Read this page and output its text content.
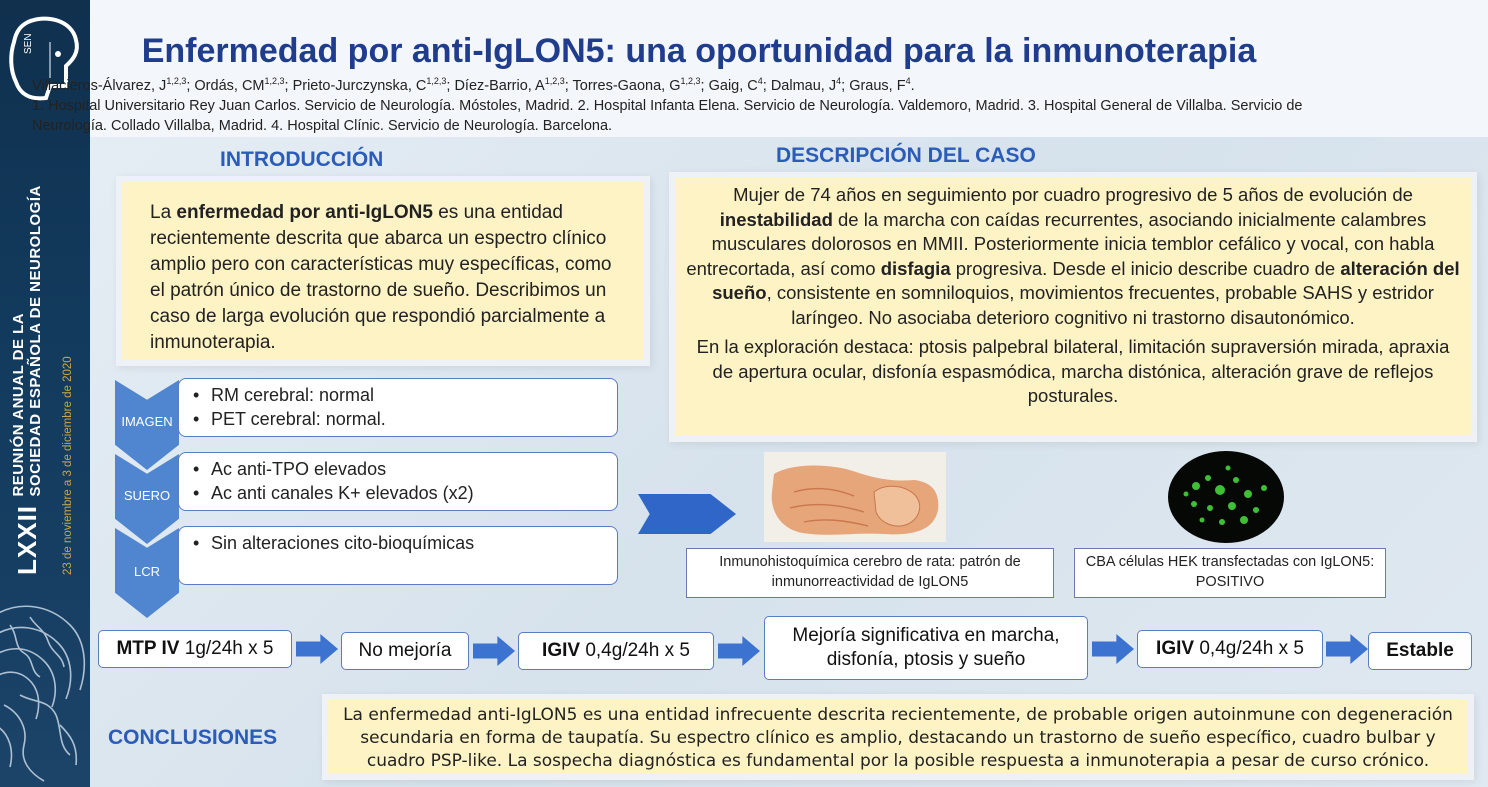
SEN
LXXII
REUNIÓN ANUAL DE LA SOCIEDAD ESPAÑOLA DE NEUROLOGÍA 23 de noviembre a 3 de diciembre de 2020
Enfermedad por anti-IgLON5: una oportunidad para la inmunoterapia
Villacieros-Álvarez, J$^{1,2,3}$; Ordás, CM$^{1,2,3}$; Prieto-Jurczynska, C$^{1,2,3}$; Díez-Barrio, A$^{1,2,3}$; Torres-Gaona, G$^{1,2,3}$; Gaig, $C^4$; Dalmau, $J^4$; Graus, $F^4$.
1. Hospital Universitario Rey Juan Carlos. Servicio de Neurología. Móstoles, Madrid. 2. Hospital Infanta Elena. Servicio de Neurología. Valdemoro, Madrid. 3. Hospital General de Villalba. Servicio de Neurología. Collado Villalba, Madrid. 4. Hospital Clínic. Servicio de Neurología. Barcelona.
INTRODUCCIÓN
La enfermedad por anti-IgLON5 es una entidad recientemente descrita que abarca un espectro clínico amplio pero con características muy específicas, como el patrón único de trastorno de sueño. Describimos un caso de larga evolución que respondió parcialmente a inmunoterapia.
DESCRIPCIÓN DEL CASO

Mujer de 74 años en seguimiento por cuadro progresivo de 5 años de evolución de inestabilidad de la marcha con caídas recurrentes, asociando inicialmente calambres musculares dolorosos en MMII. Posteriormente inicia temblor cefálico y vocal, con habla entrecortada, así como disfagia progresiva. Desde el inicio describe cuadro de alteración del sueño, consistente en somniloquios, movimientos frecuentes, probable SAHS y estridor laríngeo. No asociaba deterioro cognitivo ni trastorno disautonómico.

En la exploración destaca: ptosis palpebral bilateral, limitación supraversión mirada, apraxia de apertura ocular, disfonía espasmódica, marcha distónica, alteración grave de reflejos posturales.

IMAGEN
• RM cerebral: normal
• PET cerebral: normal.
SUERO
• Ac anti-TPO elevados
• Ac anti canales K+ elevados (x2)
LCR
• Sin alteraciones cito-bioquímicas
Inmunohistoquímica cerebro de rata: patrón de inmunorreactividad de IgLON5
CBA células HEK transfectadas con IgLON5: POSITIVO
MTP IV 1g/24h x 5	No mejoría	IGIV 0,4g/24h x 5
Mejoría significativa en marcha, disfonía, ptosis y sueño
IGIV 0,4g/24h x 5	Estable
CONCLUSIONES
La enfermedad anti-IgLON5 es una entidad infrecuente descrita recientemente, de probable origen autoinmune con degeneración secundaria en forma de taupatía. Su espectro clínico es amplio, destacando un trastorno de sueño específico, cuadro bulbar y cuadro PSP-like. La sospecha diagnóstica es fundamental por la posible respuesta a inmunoterapia a pesar de curso crónico.
